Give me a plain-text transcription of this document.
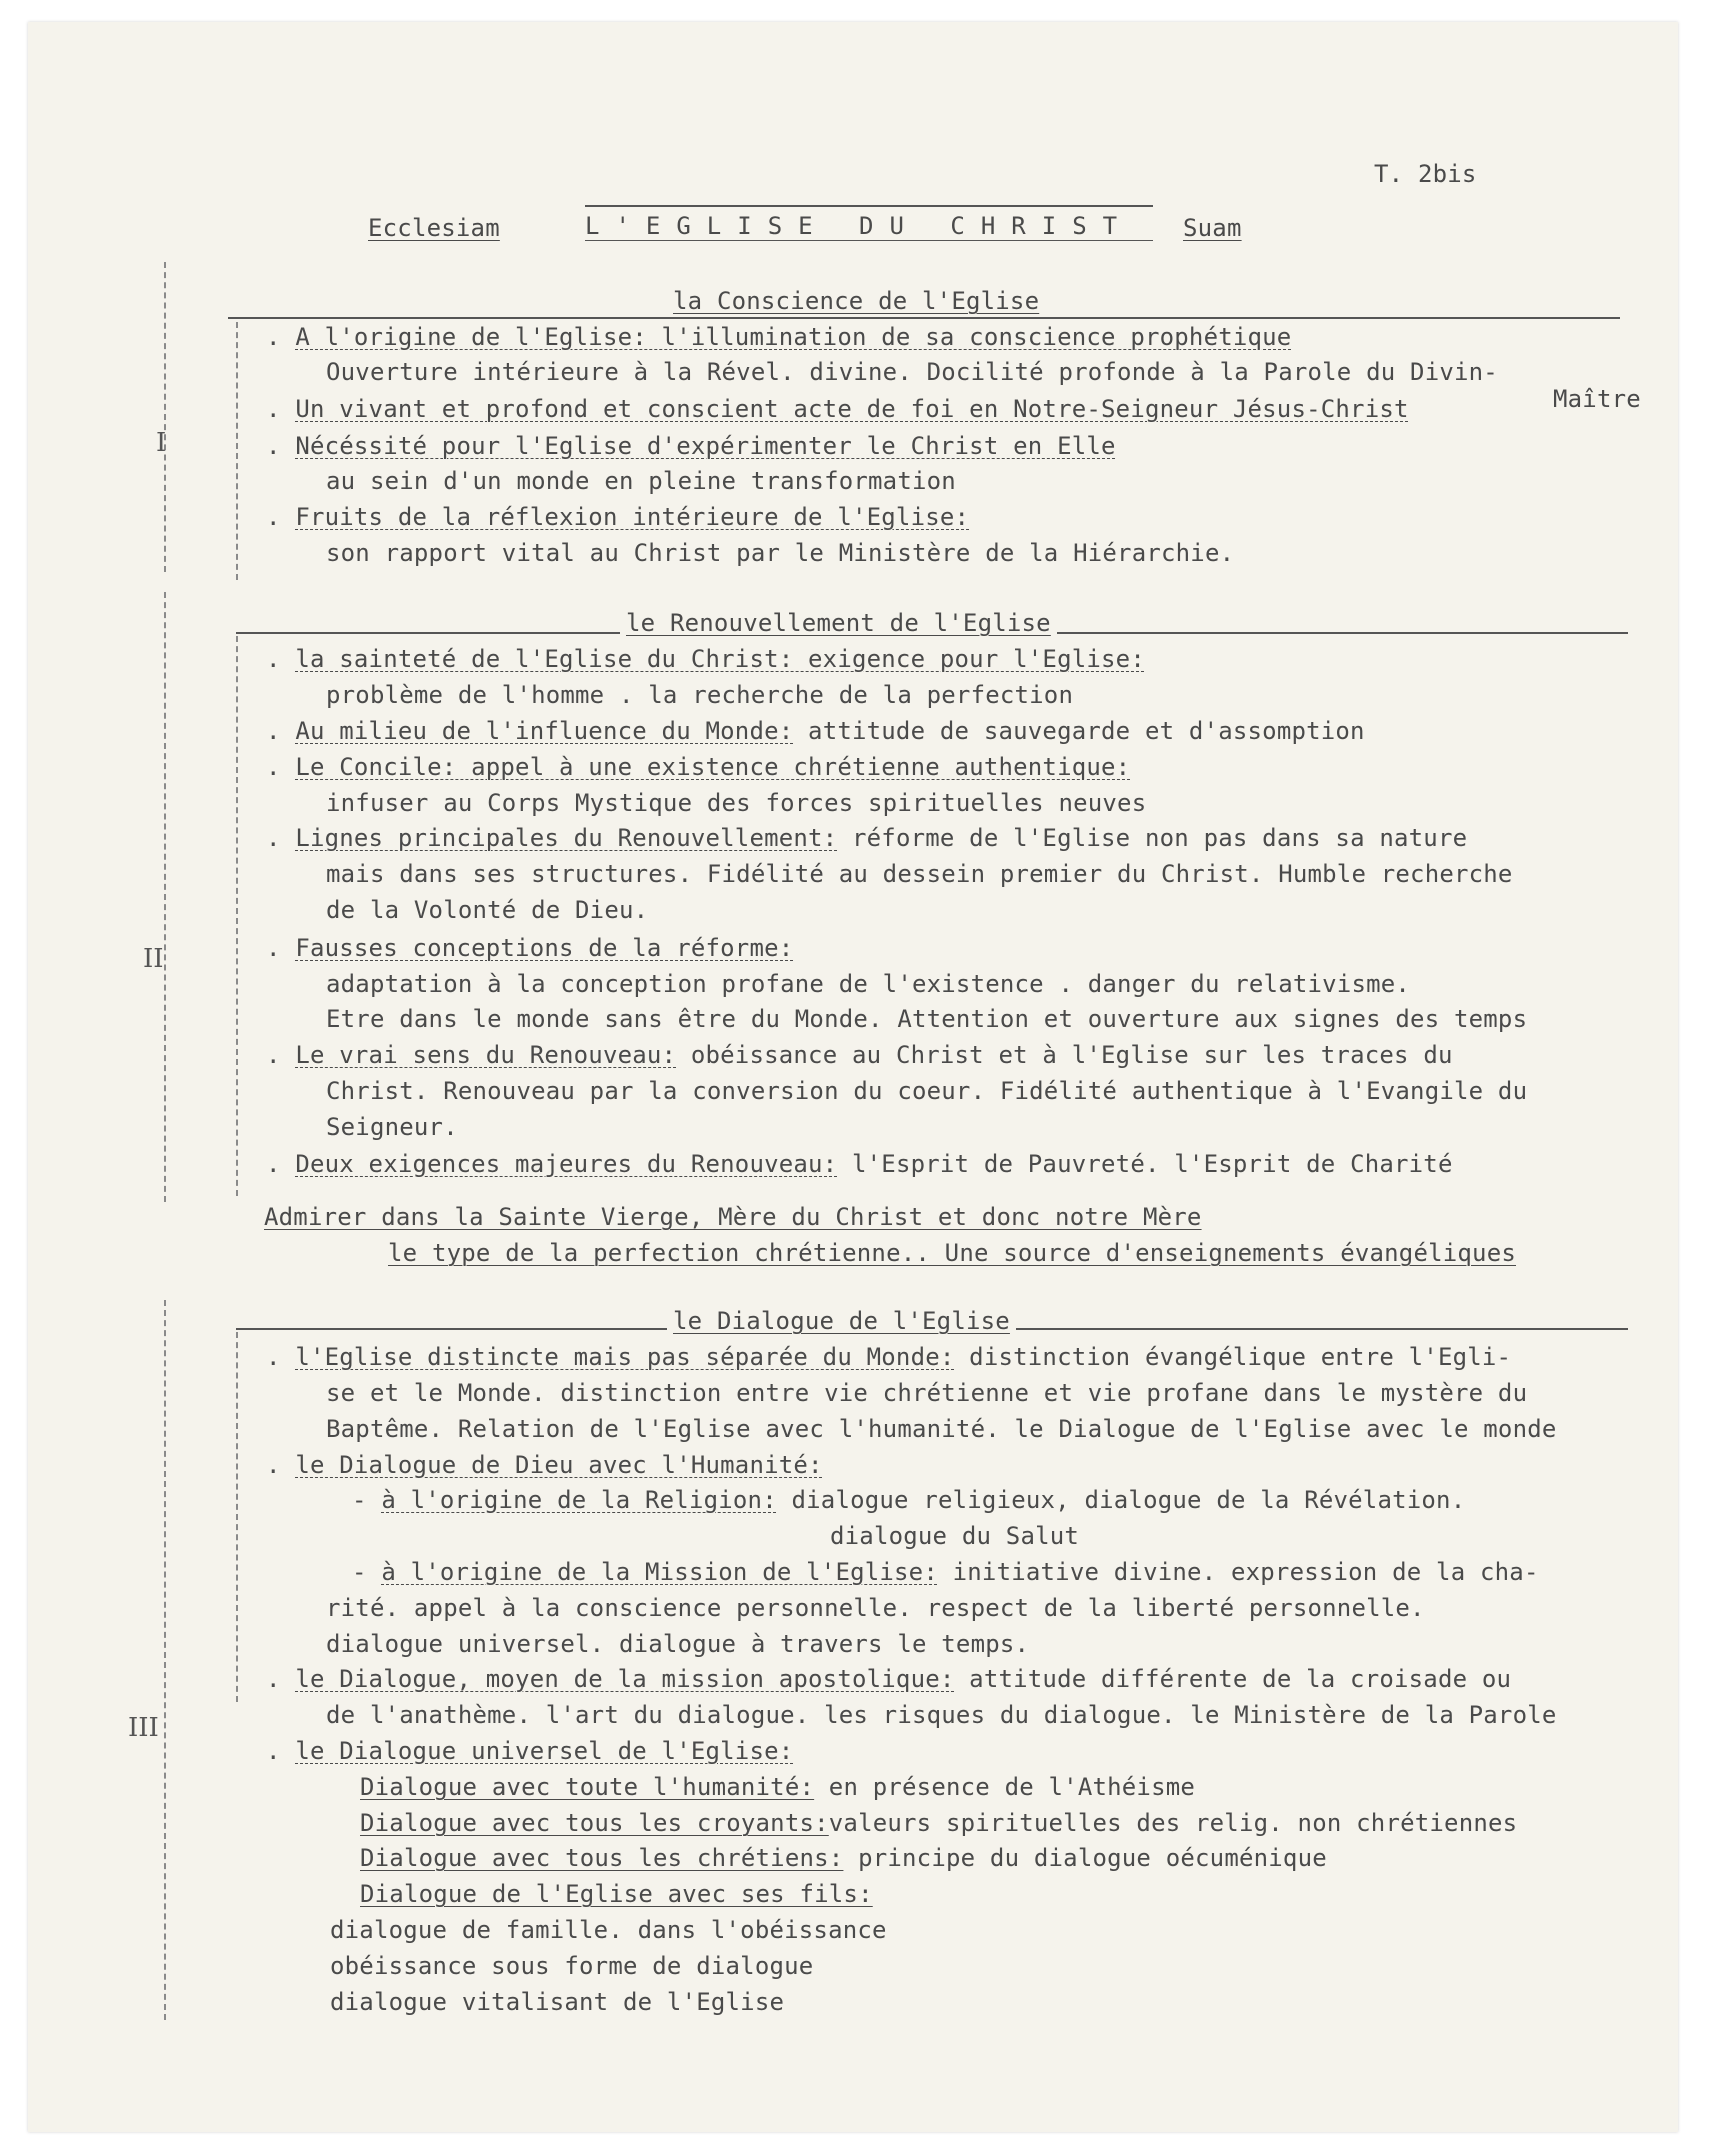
T. 2bis
Ecclesiam	L'EGLISE DU CHRIST Suam
la Conscience de l'Eglise
I
. A l'origine de l'Eglise: l'illumination de sa conscience prophétique
Ouverture intérieure à la Rével. divine. Docilité profonde à la Parole du Divin-
Maître
. Un vivant et profond et conscient acte de foi en Notre-Seigneur Jésus-Christ
. Nécéssité pour l'Eglise d'expérimenter le Christ en Elle
au sein d'un monde en pleine transformation
. Fruits de la réflexion intérieure de l'Eglise:
son rapport vital au Christ par le Ministère de la Hiérarchie.
le Renouvellement de l'Eglise
II
. la sainteté de l'Eglise du Christ: exigence pour l'Eglise:
problème de l'homme . la recherche de la perfection
. Au milieu de l'influence du Monde: attitude de sauvegarde et d'assomption
. Le Concile: appel à une existence chrétienne authentique:
infuser au Corps Mystique des forces spirituelles neuves
. Lignes principales du Renouvellement: réforme de l'Eglise non pas dans sa nature
mais dans ses structures. Fidélité au dessein premier du Christ. Humble recherche
de la Volonté de Dieu.
. Fausses conceptions de la réforme:
adaptation à la conception profane de l'existence . danger du relativisme.
Etre dans le monde sans être du Monde. Attention et ouverture aux signes des temps
. Le vrai sens du Renouveau: obéissance au Christ et à l'Eglise sur les traces du
Christ. Renouveau par la conversion du coeur. Fidélité authentique à l'Evangile du
Seigneur.
. Deux exigences majeures du Renouveau: l'Esprit de Pauvreté. l'Esprit de Charité
Admirer dans la Sainte Vierge, Mère du Christ et donc notre Mère
le type de la perfection chrétienne.. Une source d'enseignements évangéliques
le Dialogue de l'Eglise
III
. l'Eglise distincte mais pas séparée du Monde: distinction évangélique entre l'Egli-
se et le Monde. distinction entre vie chrétienne et vie profane dans le mystère du
Baptême. Relation de l'Eglise avec l'humanité. le Dialogue de l'Eglise avec le monde
. le Dialogue de Dieu avec l'Humanité:
- à l'origine de la Religion: dialogue religieux, dialogue de la Révélation.
dialogue du Salut
- à l'origine de la Mission de l'Eglise: initiative divine. expression de la cha-
rité. appel à la conscience personnelle. respect de la liberté personnelle.
dialogue universel. dialogue à travers le temps.
. le Dialogue, moyen de la mission apostolique: attitude différente de la croisade ou
de l'anathème. l'art du dialogue. les risques du dialogue. le Ministère de la Parole
. le Dialogue universel de l'Eglise:
Dialogue avec toute l'humanité: en présence de l'Athéisme
Dialogue avec tous les croyants:valeurs spirituelles des relig. non chrétiennes
Dialogue avec tous les chrétiens: principe du dialogue oécuménique
Dialogue de l'Eglise avec ses fils:
dialogue de famille. dans l'obéissance
obéissance sous forme de dialogue
dialogue vitalisant de l'Eglise
